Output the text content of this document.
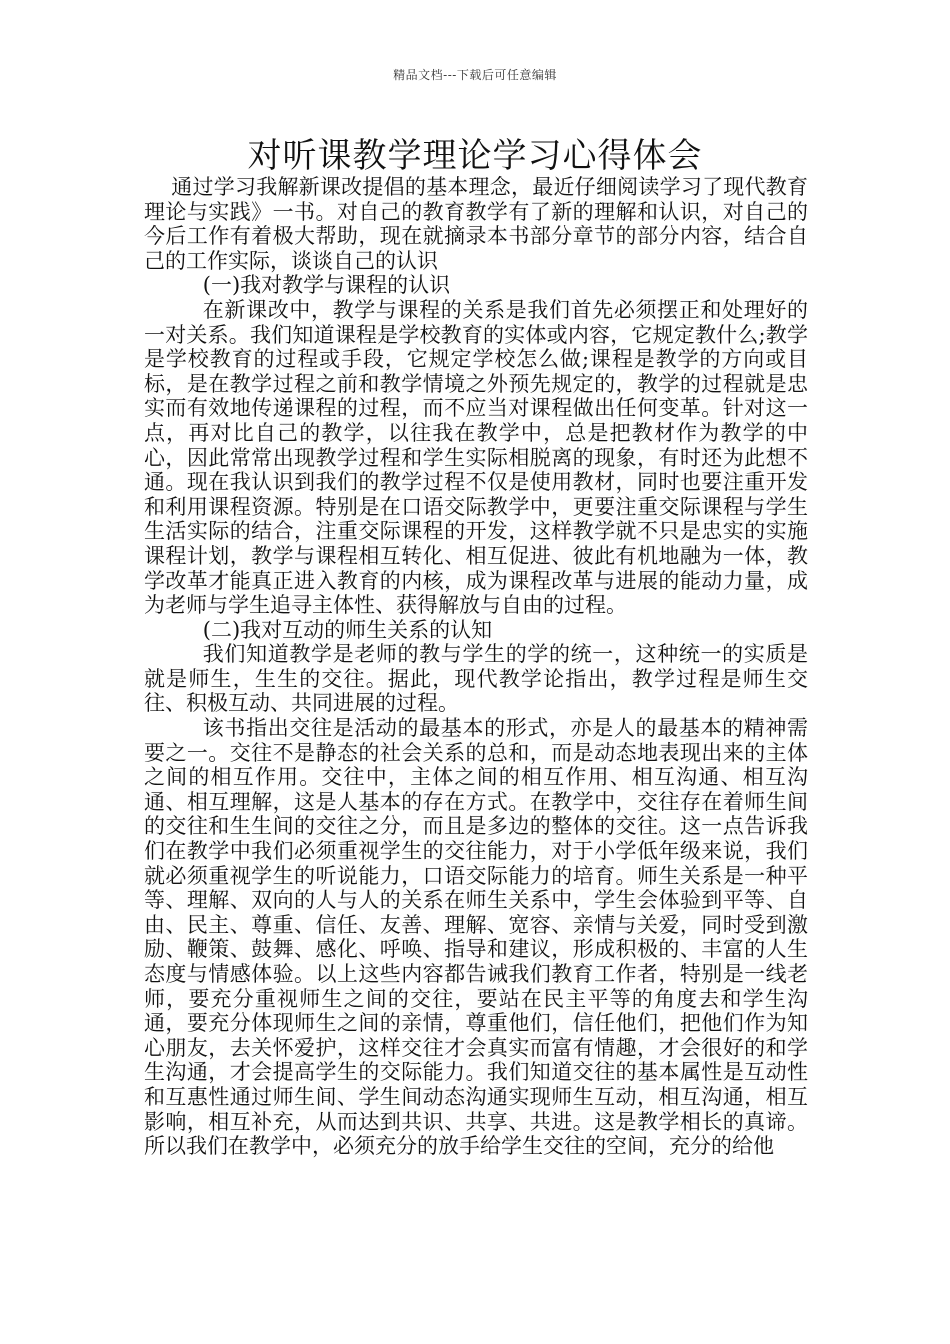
精品文档---下载后可任意编辑
对听课教学理论学习心得体会

通过学习我解新课改提倡的基本理念，最近仔细阅读学习了现代教育理论与实践》一书。对自己的教育教学有了新的理解和认识，对自己的今后工作有着极大帮助，现在就摘录本书部分章节的部分内容，结合自己的工作实际，谈谈自己的认识

(一)我对教学与课程的认识

在新课改中，教学与课程的关系是我们首先必须摆正和处理好的一对关系。我们知道课程是学校教育的实体或内容，它规定教什么;教学是学校教育的过程或手段，它规定学校怎么做;课程是教学的方向或目标，是在教学过程之前和教学情境之外预先规定的，教学的过程就是忠实而有效地传递课程的过程，而不应当对课程做出任何变革。针对这一点，再对比自己的教学，以往我在教学中，总是把教材作为教学的中心，因此常常出现教学过程和学生实际相脱离的现象，有时还为此想不通。现在我认识到我们的教学过程不仅是使用教材，同时也要注重开发和利用课程资源。特别是在口语交际教学中，更要注重交际课程与学生生活实际的结合，注重交际课程的开发，这样教学就不只是忠实的实施课程计划，教学与课程相互转化、相互促进、彼此有机地融为一体，教学改革才能真正进入教育的内核，成为课程改革与进展的能动力量，成为老师与学生追寻主体性、获得解放与自由的过程。

(二)我对互动的师生关系的认知

我们知道教学是老师的教与学生的学的统一，这种统一的实质是就是师生，生生的交往。据此，现代教学论指出，教学过程是师生交往、积极互动、共同进展的过程。

该书指出交往是活动的最基本的形式，亦是人的最基本的精神需要之一。交往不是静态的社会关系的总和，而是动态地表现出来的主体之间的相互作用。交往中，主体之间的相互作用、相互沟通、相互沟通、相互理解，这是人基本的存在方式。在教学中，交往存在着师生间的交往和生生间的交往之分，而且是多边的整体的交往。这一点告诉我们在教学中我们必须重视学生的交往能力，对于小学低年级来说，我们就必须重视学生的听说能力，口语交际能力的培育。师生关系是一种平等、理解、双向的人与人的关系在师生关系中，学生会体验到平等、自由、民主、尊重、信任、友善、理解、宽容、亲情与关爱，同时受到激励、鞭策、鼓舞、感化、呼唤、指导和建议，形成积极的、丰富的人生态度与情感体验。以上这些内容都告诫我们教育工作者，特别是一线老师，要充分重视师生之间的交往，要站在民主平等的角度去和学生沟通，要充分体现师生之间的亲情，尊重他们，信任他们，把他们作为知心朋友，去关怀爱护，这样交往才会真实而富有情趣，才会很好的和学生沟通，才会提高学生的交际能力。我们知道交往的基本属性是互动性和互惠性通过师生间、学生间动态沟通实现师生互动，相互沟通，相互影响，相互补充，从而达到共识、共享、共进。这是教学相长的真谛。所以我们在教学中，必须充分的放手给学生交往的空间，充分的给他
